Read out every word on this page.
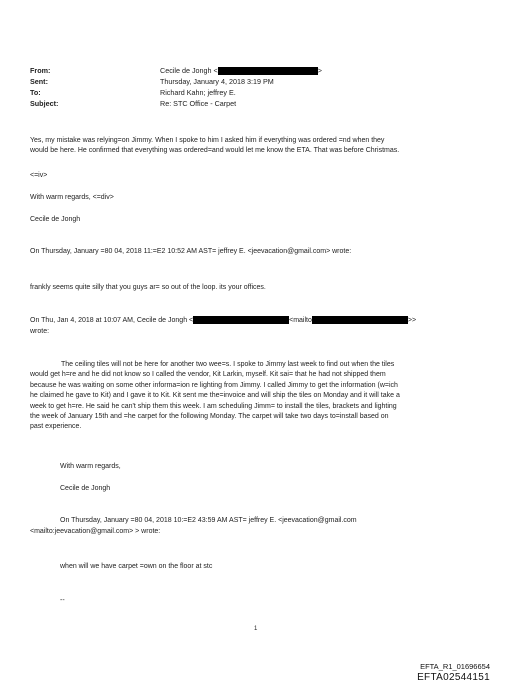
From:	Cecile de Jongh <	>
Sent:	Thursday, January 4, 2018 3:19 PM
To:	Richard Kahn; jeffrey E.
Subject:	Re: STC Office - Carpet
Yes, my mistake was relying=on Jimmy. When I spoke to him I asked him if everything was ordered =nd when they
would be here. He confirmed that everything was ordered=and would let me know the ETA. That was before Christmas.
<=iv>
With warm regards, <=div>
Cecile de Jongh
On Thursday, January =80 04, 2018 11:=E2 10:52 AM AST= jeffrey E. <jeevacation@gmail.com> wrote:
frankly seems quite silly that you guys ar= so out of the loop. its your offices.
On Thu, Jan 4, 2018 at 10:07 AM, Cecile de Jongh <	<mailto	>>
wrote:
The ceiling tiles will not be here for another two wee=s. I spoke to Jimmy last week to find out when the tiles
would get h=re and he did not know so I called the vendor, Kit Larkin, myself. Kit sai= that he had not shipped them
because he was waiting on some other informa=ion re lighting from Jimmy. I called Jimmy to get the information (w=ich
he claimed he gave to Kit) and I gave it to Kit. Kit sent me the=invoice and will ship the tiles on Monday and it will take a
week to get h=re. He said he can't ship them this week. I am scheduling Jimm= to install the tiles, brackets and lighting
the week of January 15th and =he carpet for the following Monday. The carpet will take two days to=install based on
past experience.
With warm regards,
Cecile de Jongh
On Thursday, January =80 04, 2018 10:=E2 43:59 AM AST= jeffrey E. <jeevacation@gmail.com
<mailto:jeevacation@gmail.com> > wrote:
when will we have carpet =own on the floor at stc
--
1
EFTA_R1_01696654
EFTA02544151
